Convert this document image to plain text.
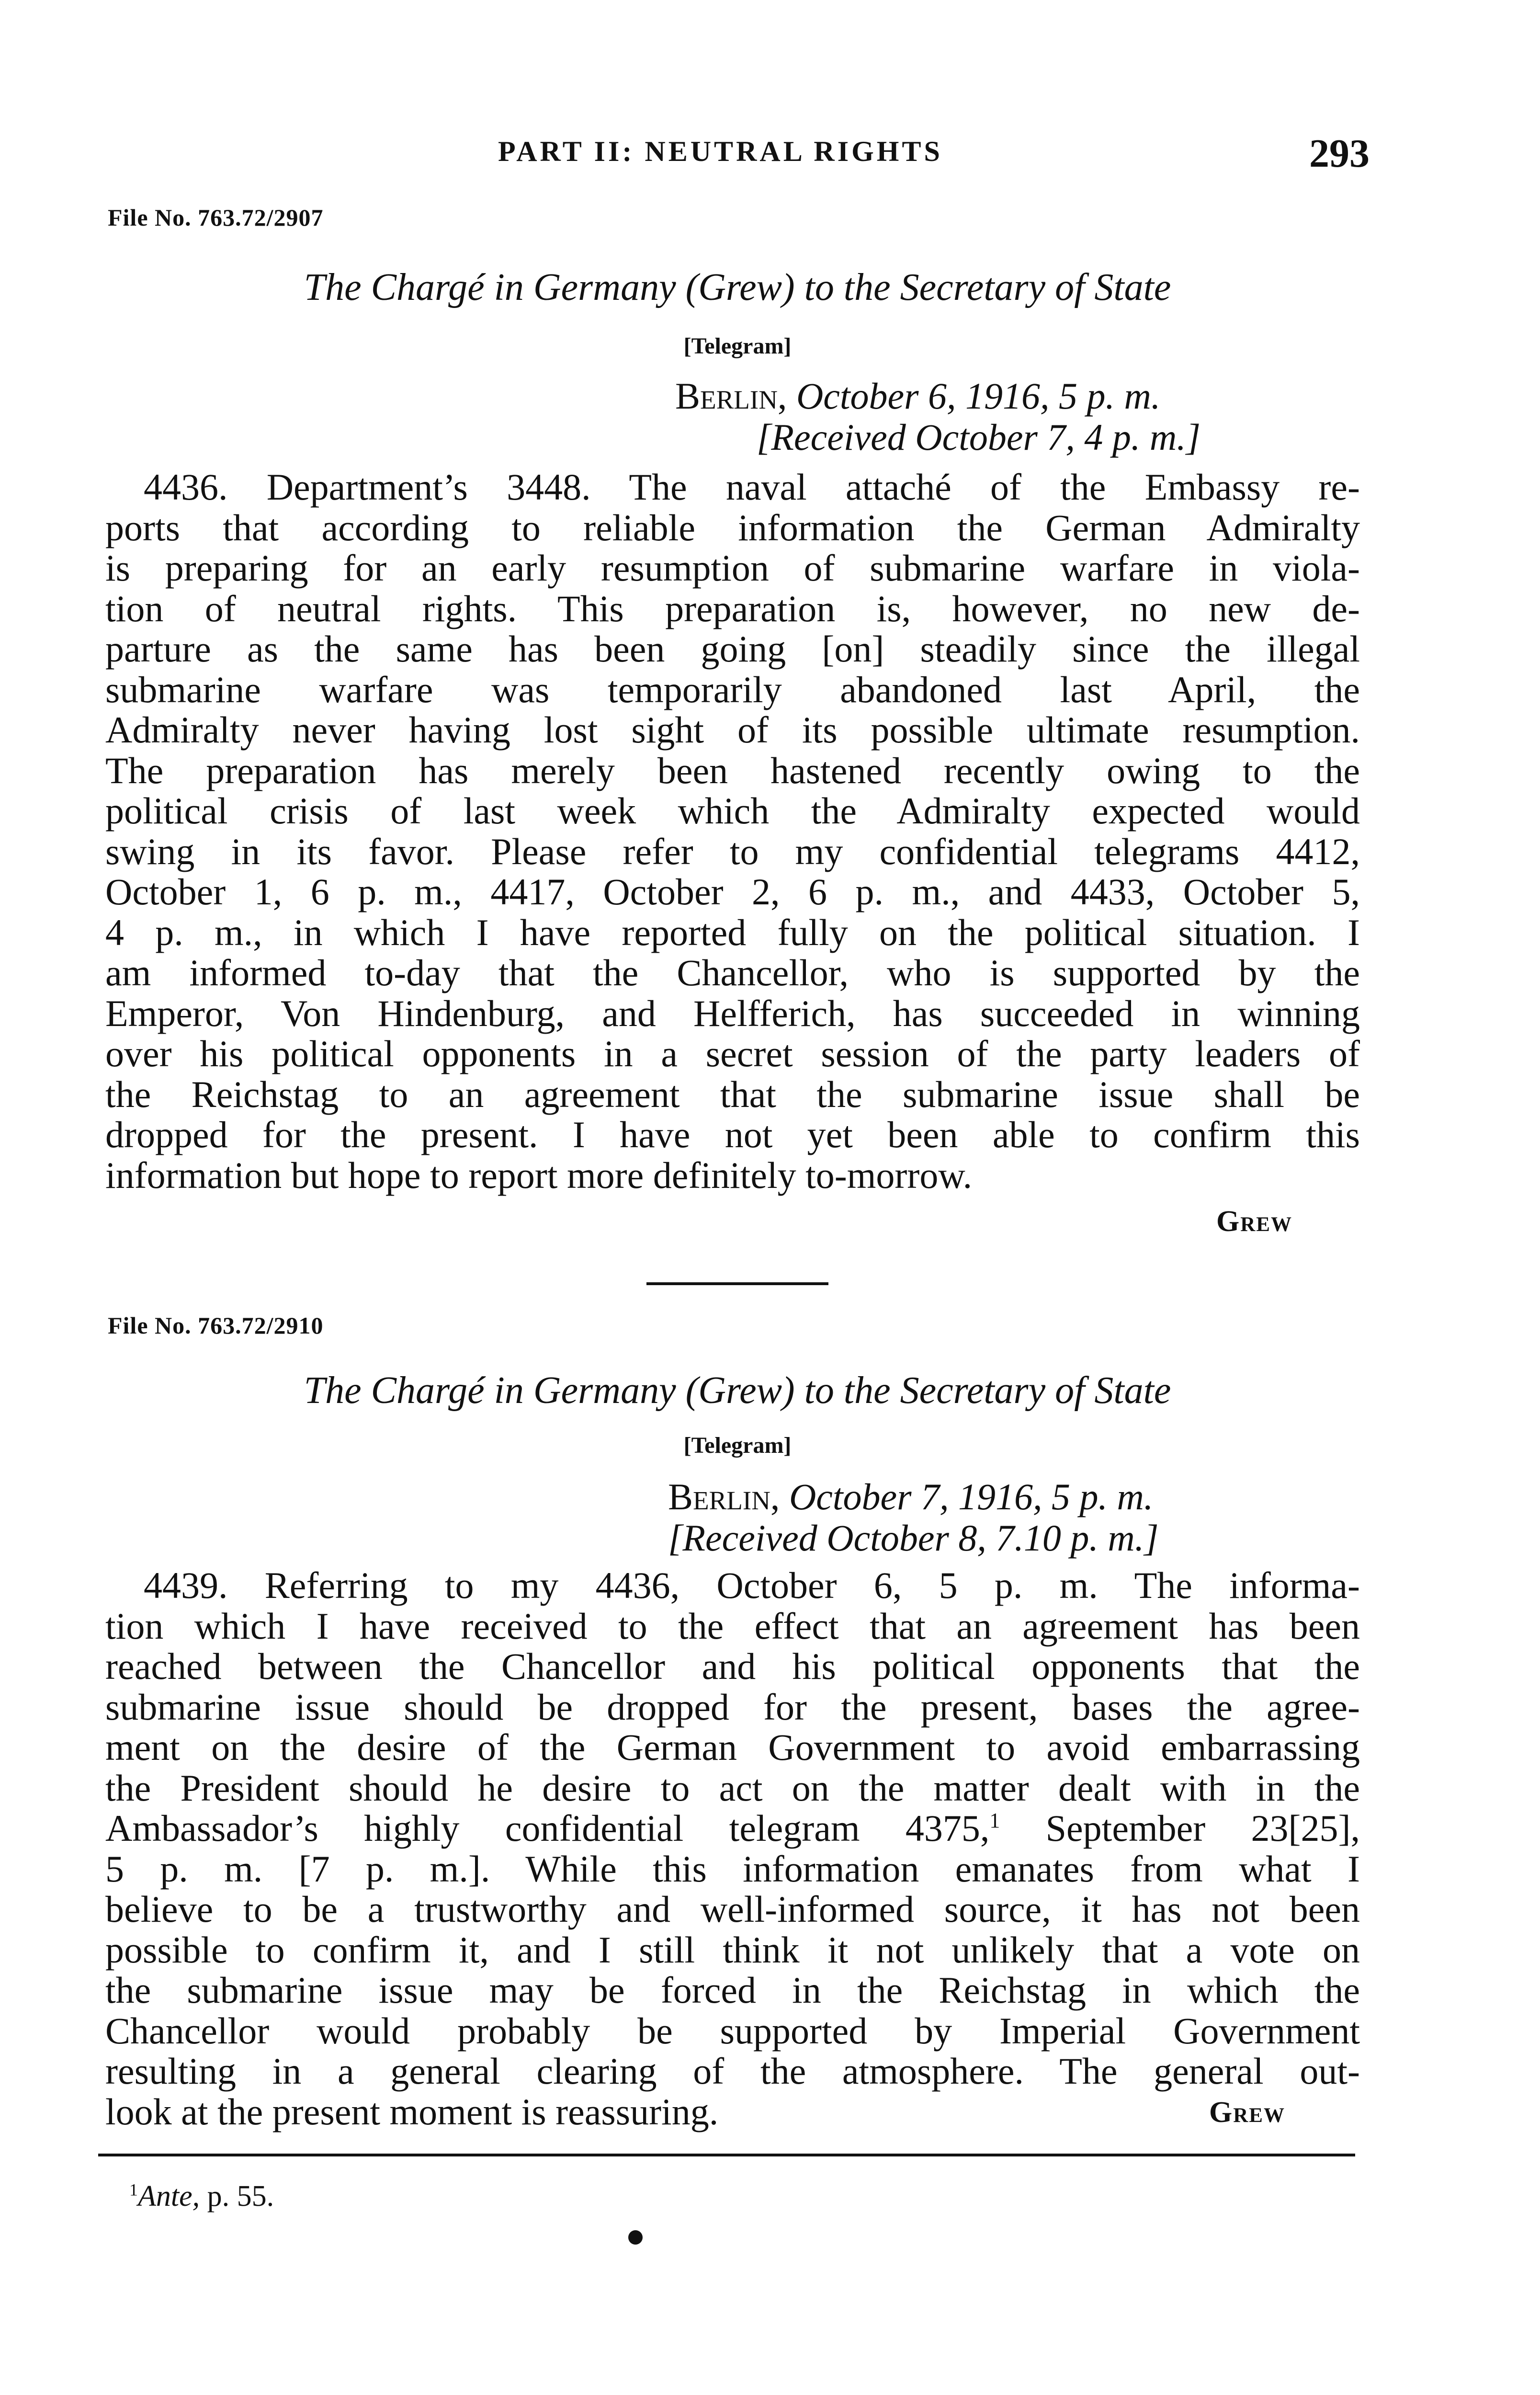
PART II: NEUTRAL RIGHTS	293
File No. 763.72/2907
The Chargé in Germany (Grew) to the Secretary of State
[Telegram]
Berlin, October 6, 1916, 5 p. m.
[Received October 7, 4 p. m.]
4436. Department’s 3448. The naval attaché of the Embassy re-
ports that according to reliable information the German Admiralty
is preparing for an early resumption of submarine warfare in viola-
tion of neutral rights. This preparation is, however, no new de-
parture as the same has been going [on] steadily since the illegal
submarine warfare was temporarily abandoned last April, the
Admiralty never having lost sight of its possible ultimate resumption.
The preparation has merely been hastened recently owing to the
political crisis of last week which the Admiralty expected would
swing in its favor. Please refer to my confidential telegrams 4412,
October 1, 6 p. m., 4417, October 2, 6 p. m., and 4433, October 5,
4 p. m., in which I have reported fully on the political situation. I
am informed to-day that the Chancellor, who is supported by the
Emperor, Von Hindenburg, and Helfferich, has succeeded in winning
over his political opponents in a secret session of the party leaders of
the Reichstag to an agreement that the submarine issue shall be
dropped for the present. I have not yet been able to confirm this
information but hope to report more definitely to-morrow.
Grew
File No. 763.72/2910
The Chargé in Germany (Grew) to the Secretary of State
[Telegram]
Berlin, October 7, 1916, 5 p. m.
[Received October 8, 7.10 p. m.]
4439. Referring to my 4436, October 6, 5 p. m. The informa-
tion which I have received to the effect that an agreement has been
reached between the Chancellor and his political opponents that the
submarine issue should be dropped for the present, bases the agree-
ment on the desire of the German Government to avoid embarrassing
the President should he desire to act on the matter dealt with in the
Ambassador’s highly confidential telegram 4375,$^1$ September 23[25],
5 p. m. [7 p. m.]. While this information emanates from what I
believe to be a trustworthy and well-informed source, it has not been
possible to confirm it, and I still think it not unlikely that a vote on
the submarine issue may be forced in the Reichstag in which the
Chancellor would probably be supported by Imperial Government
resulting in a general clearing of the atmosphere. The general out-
look at the present moment is reassuring.	Grew
$^1$Ante, p. 55.
